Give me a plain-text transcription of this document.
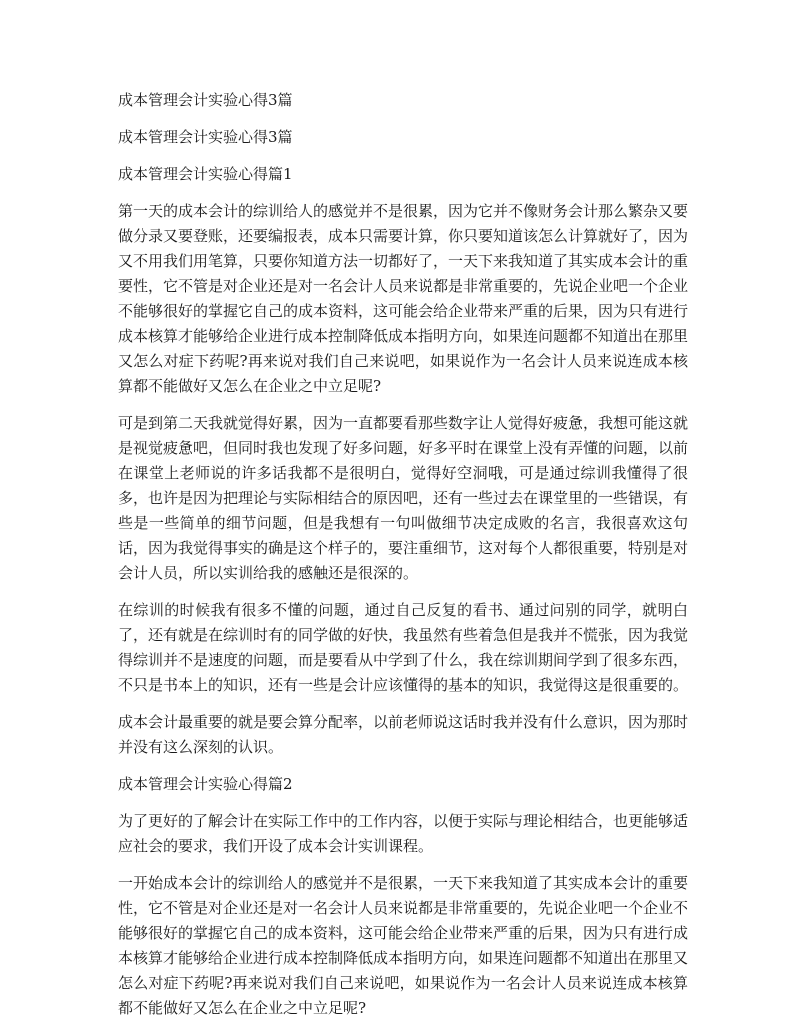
成本管理会计实验心得3篇
成本管理会计实验心得3篇
成本管理会计实验心得篇1

第一天的成本会计的综训给人的感觉并不是很累，因为它并不像财务会计那么繁杂又要做分录又要登账，还要编报表，成本只需要计算，你只要知道该怎么计算就好了，因为又不用我们用笔算，只要你知道方法一切都好了，一天下来我知道了其实成本会计的重要性，它不管是对企业还是对一名会计人员来说都是非常重要的，先说企业吧一个企业不能够很好的掌握它自己的成本资料，这可能会给企业带来严重的后果，因为只有进行成本核算才能够给企业进行成本控制降低成本指明方向，如果连问题都不知道出在那里又怎么对症下药呢?再来说对我们自己来说吧，如果说作为一名会计人员来说连成本核算都不能做好又怎么在企业之中立足呢?

可是到第二天我就觉得好累，因为一直都要看那些数字让人觉得好疲惫，我想可能这就是视觉疲惫吧，但同时我也发现了好多问题，好多平时在课堂上没有弄懂的问题，以前在课堂上老师说的许多话我都不是很明白，觉得好空洞哦，可是通过综训我懂得了很多，也许是因为把理论与实际相结合的原因吧，还有一些过去在课堂里的一些错误，有些是一些简单的细节问题，但是我想有一句叫做细节决定成败的名言，我很喜欢这句话，因为我觉得事实的确是这个样子的，要注重细节，这对每个人都很重要，特别是对会计人员，所以实训给我的感触还是很深的。

在综训的时候我有很多不懂的问题，通过自己反复的看书、通过问别的同学，就明白了，还有就是在综训时有的同学做的好快，我虽然有些着急但是我并不慌张，因为我觉得综训并不是速度的问题，而是要看从中学到了什么，我在综训期间学到了很多东西，不只是书本上的知识，还有一些是会计应该懂得的基本的知识，我觉得这是很重要的。

成本会计最重要的就是要会算分配率，以前老师说这话时我并没有什么意识，因为那时并没有这么深刻的认识。

成本管理会计实验心得篇2

为了更好的了解会计在实际工作中的工作内容，以便于实际与理论相结合，也更能够适应社会的要求，我们开设了成本会计实训课程。

一开始成本会计的综训给人的感觉并不是很累，一天下来我知道了其实成本会计的重要性，它不管是对企业还是对一名会计人员来说都是非常重要的，先说企业吧一个企业不能够很好的掌握它自己的成本资料，这可能会给企业带来严重的后果，因为只有进行成本核算才能够给企业进行成本控制降低成本指明方向，如果连问题都不知道出在那里又怎么对症下药呢?再来说对我们自己来说吧，如果说作为一名会计人员来说连成本核算都不能做好又怎么在企业之中立足呢?
